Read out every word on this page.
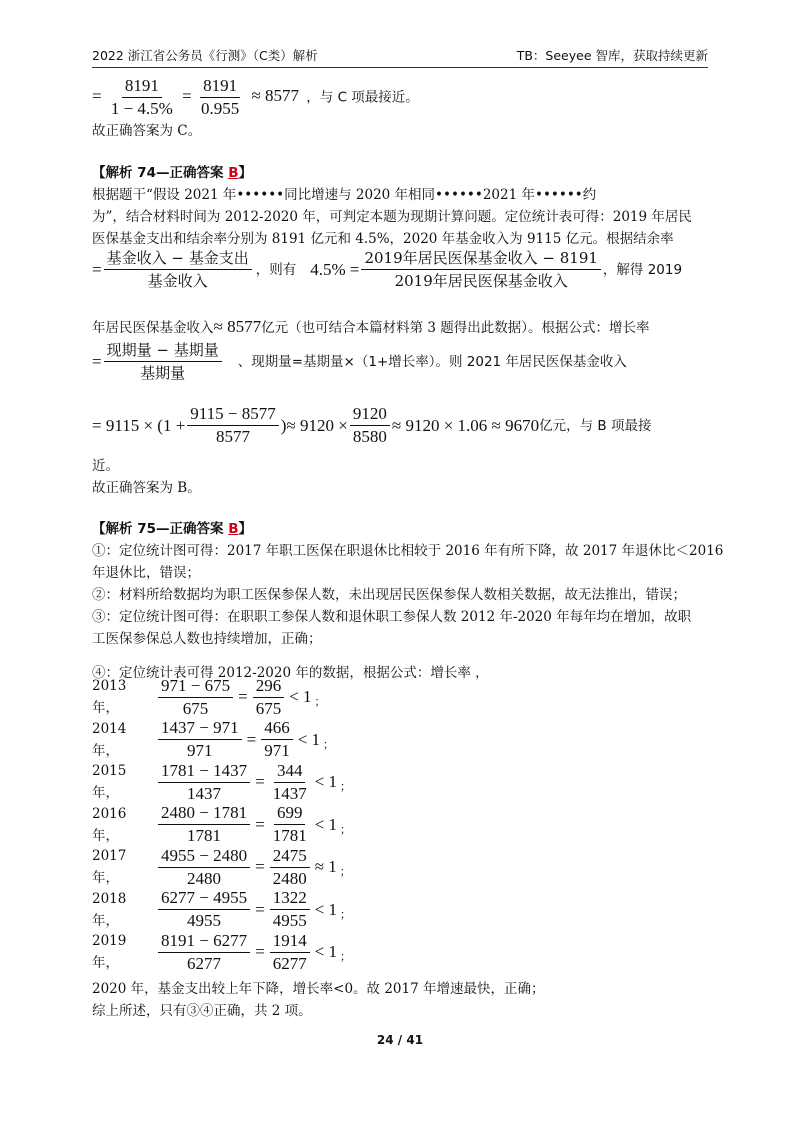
2022 浙江省公务员《行测》（C类）解析	TB：Seeyee 智库，获取持续更新
= $\frac{8191}{1 - 4.5\%} = \frac{8191}{0.955} \approx 8577$ ，与 C 项最接近。
故正确答案为 C。
【解析 74—正确答案 B】
根据题干“假设 2021 年••••••同比增速与 2020 年相同••••••2021 年••••••约
为”，结合材料时间为 2012-2020 年，可判定本题为现期计算问题。定位统计表可得：2019 年居民
医保基金支出和结余率分别为 8191 亿元和 4.5%，2020 年基金收入为 9115 亿元。根据结余率
= $\frac{\text{基金收入 − 基金支出}}{\text{基金收入}}$ ，则有 $4.5\% = \frac{\text{2019年居民医保基金收入 − 8191}}{\text{2019年居民医保基金收入}}$ ，解得 2019
年居民医保基金收入≈ 8577亿元（也可结合本篇材料第 3 题得出此数据）。根据公式：增长率
= $\frac{\text{现期量 − 基期量}}{\text{基期量}}$ 、现期量=基期量×（1+增长率）。则 2021 年居民医保基金收入
= $9115 \times (1 + \frac{9115 - 8577}{8577}$ )≈ $9120 \times \frac{9120}{8580} \approx 9120 \times 1.06 \approx 9670$ 亿元，与 B 项最接
近。
故正确答案为 B。
【解析 75—正确答案 B】
①：定位统计图可得：2017 年职工医保在职退休比相较于 2016 年有所下降，故 2017 年退休比＜2016
年退休比，错误；
②：材料所给数据均为职工医保参保人数，未出现居民医保参保人数相关数据，故无法推出，错误；
③：定位统计图可得：在职职工参保人数和退休职工参保人数 2012 年-2020 年每年均在增加，故职
工医保参保总人数也持续增加，正确；
④：定位统计表可得 2012-2020 年的数据，根据公式：增长率 ，
2013 年，	$\frac{971 - 675}{675} = \frac{296}{675} < 1$ ；
2014 年，	$\frac{1437 - 971}{971} = \frac{466}{971} < 1$ ；
2015 年，	$\frac{1781 - 1437}{1437} = \frac{344}{1437} < 1$ ；
2016 年，	$\frac{2480 - 1781}{1781} = \frac{699}{1781} < 1$ ；
2017 年，	$\frac{4955 - 2480}{2480} = \frac{2475}{2480} \approx 1$ ；
2018 年，	$\frac{6277 - 4955}{4955} = \frac{1322}{4955} < 1$ ；
2019 年，	$\frac{8191 - 6277}{6277} = \frac{1914}{6277} < 1$ ；
2020 年，基金支出较上年下降，增长率<0。故 2017 年增速最快，正确；
综上所述，只有③④正确，共 2 项。
24 / 41
